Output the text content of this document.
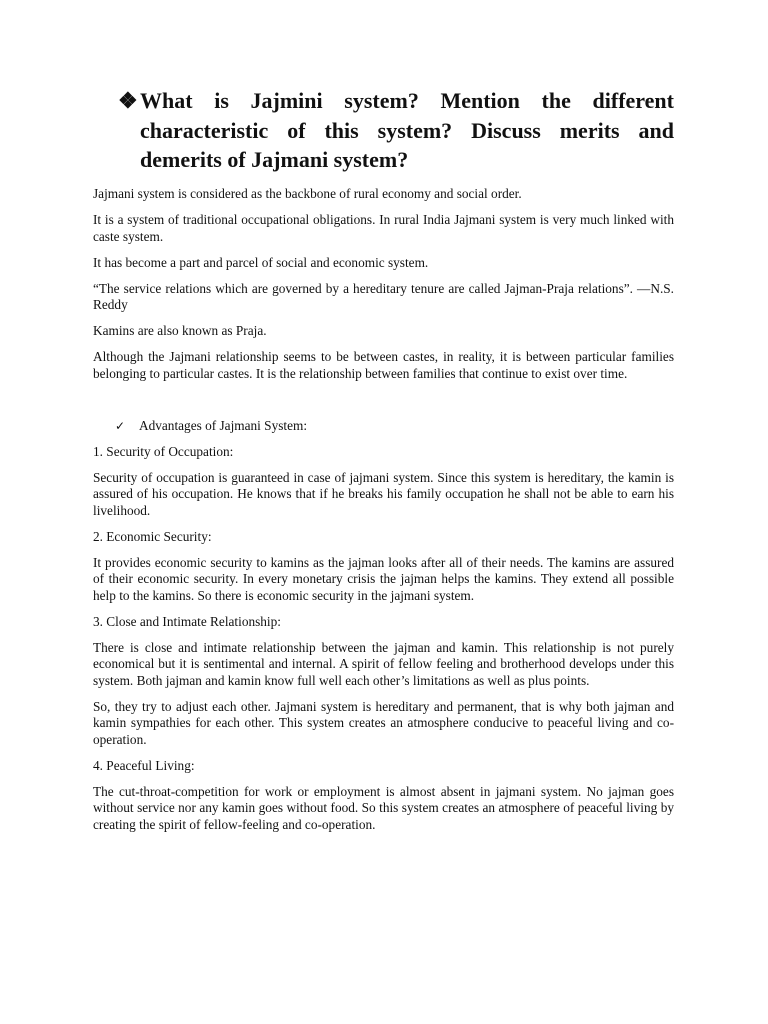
❖ What is Jajmini system? Mention the different characteristic of this system? Discuss merits and demerits of Jajmani system?

Jajmani system is considered as the backbone of rural economy and social order.

It is a system of traditional occupational obligations. In rural India Jajmani system is very much linked with caste system.

It has become a part and parcel of social and economic system.

“The service relations which are governed by a hereditary tenure are called Jajman-Praja relations”. —N.S. Reddy

Kamins are also known as Praja.

Although the Jajmani relationship seems to be between castes, in reality, it is between particular families belonging to particular castes. It is the relationship between families that continue to exist over time.

✓	Advantages of Jajmani System:
1. Security of Occupation:

Security of occupation is guaranteed in case of jajmani system. Since this system is hereditary, the kamin is assured of his occupation. He knows that if he breaks his family occupation he shall not be able to earn his livelihood.

2. Economic Security:

It provides economic security to kamins as the jajman looks after all of their needs. The kamins are assured of their economic security. In every monetary crisis the jajman helps the kamins. They extend all possible help to the kamins. So there is economic security in the jajmani system.

3. Close and Intimate Relationship:

There is close and intimate relationship between the jajman and kamin. This relationship is not purely economical but it is sentimental and internal. A spirit of fellow feeling and brotherhood develops under this system. Both jajman and kamin know full well each other’s limitations as well as plus points.

So, they try to adjust each other. Jajmani system is hereditary and permanent, that is why both jajman and kamin sympathies for each other. This system creates an atmosphere conducive to peaceful living and co-operation.

4. Peaceful Living:

The cut-throat-competition for work or employment is almost absent in jajmani system. No jajman goes without service nor any kamin goes without food. So this system creates an atmosphere of peaceful living by creating the spirit of fellow-feeling and co-operation.
